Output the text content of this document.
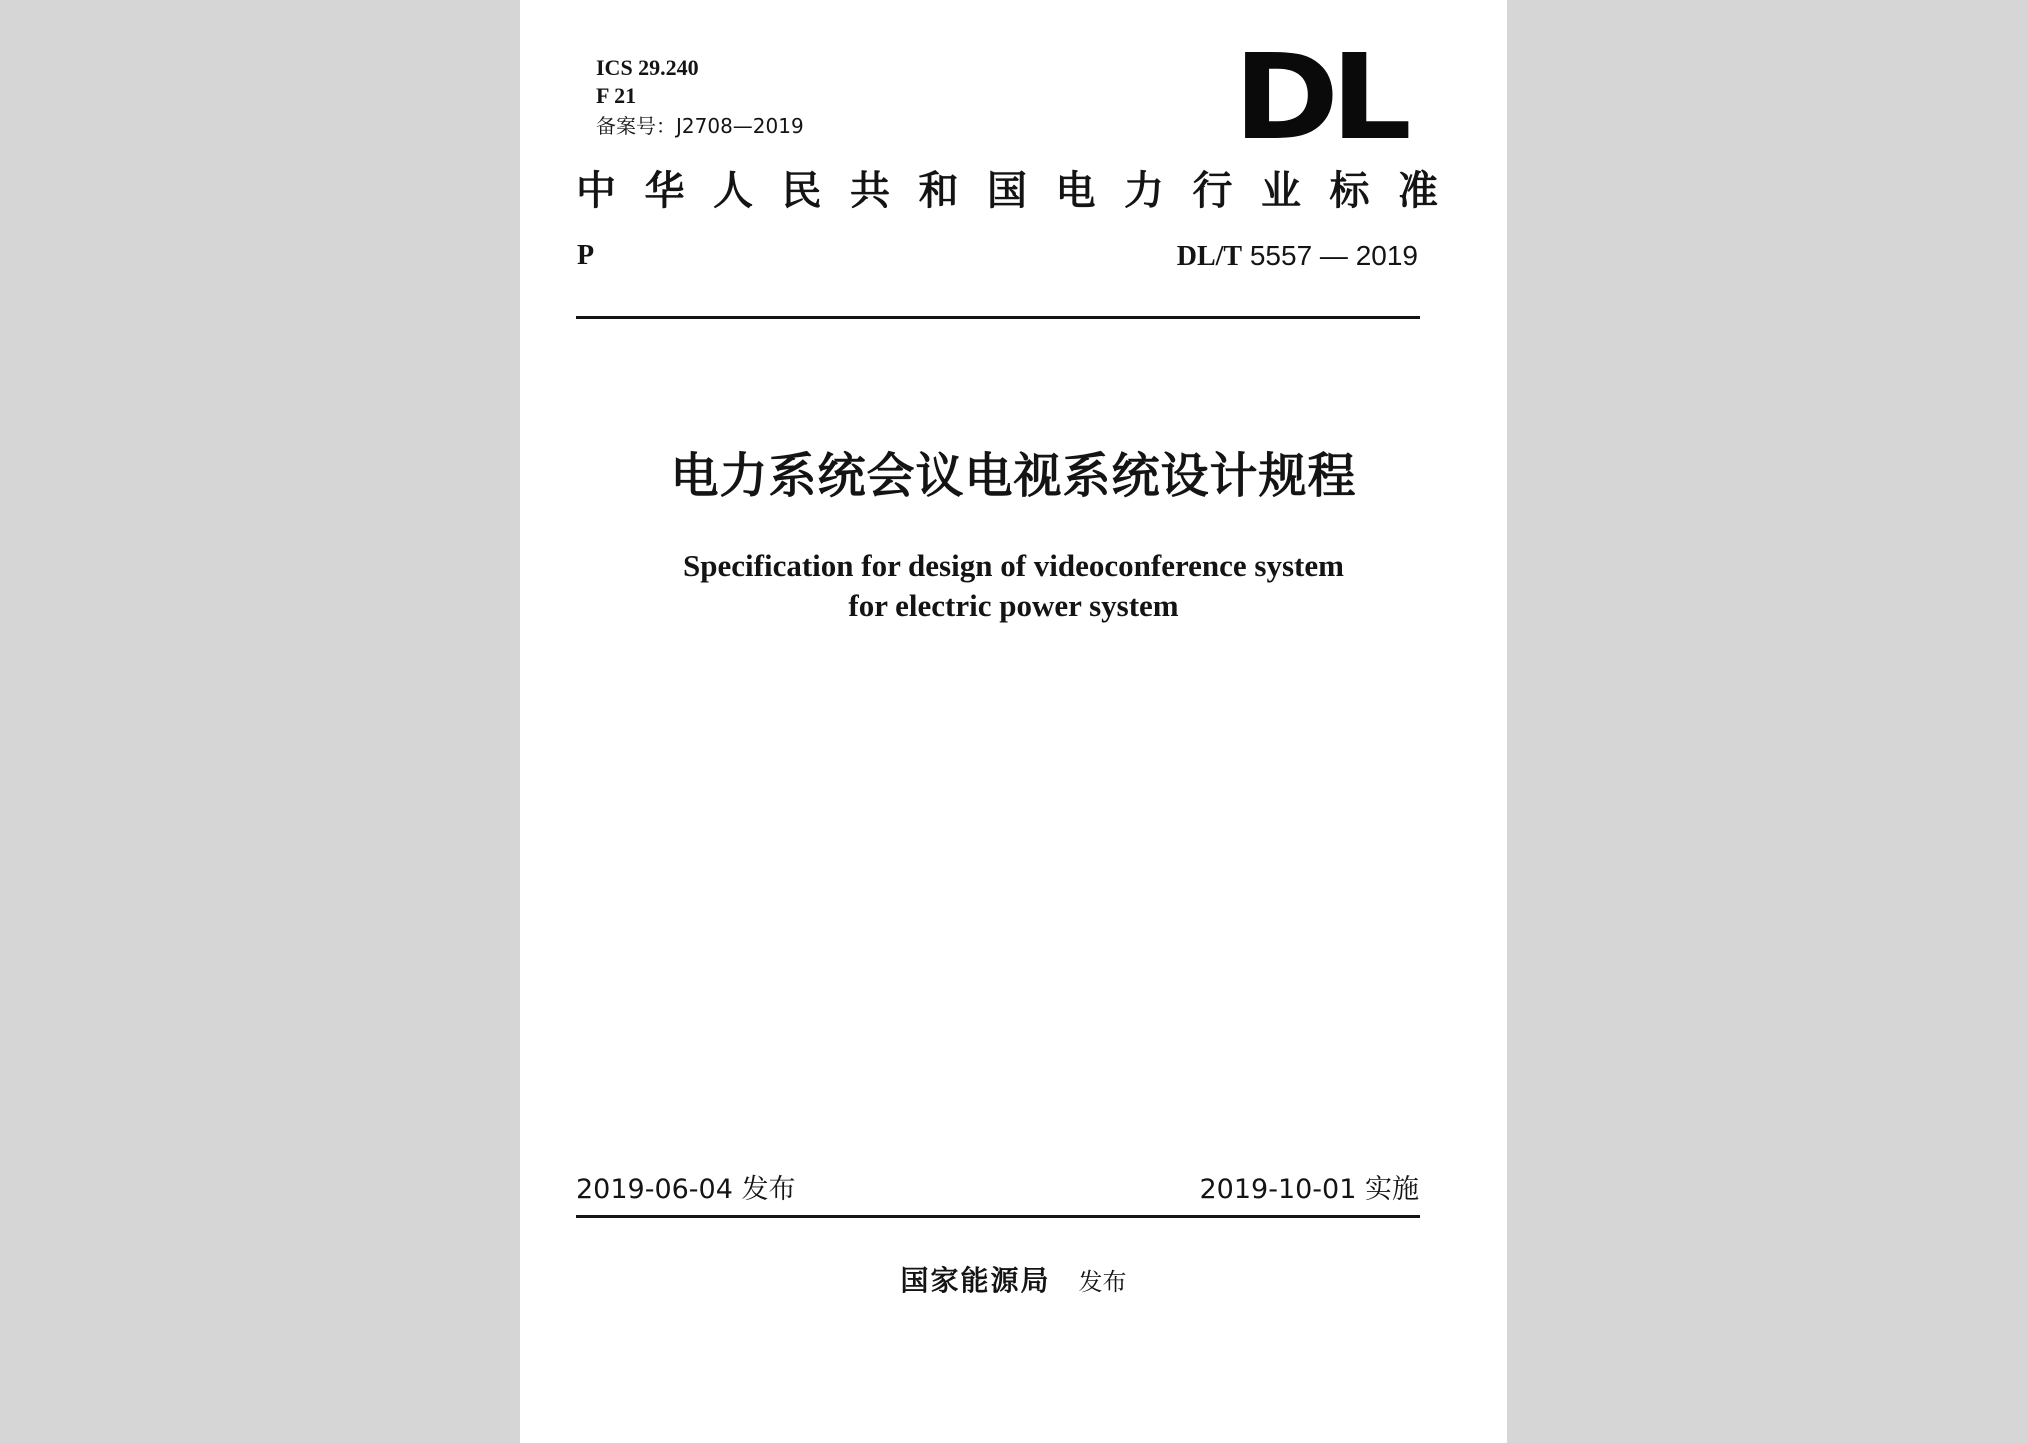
ICS 29.240

F 21

备案号：J2708—2019	DL
中 华 人 民 共 和 国 电 力 行 业 标 准

P	DL/T 5557 — 2019

电力系统会议电视系统设计规程

Specification for design of videoconference system

for electric power system

2019-06-04 发布	2019-10-01 实施

国家能源局 发布
